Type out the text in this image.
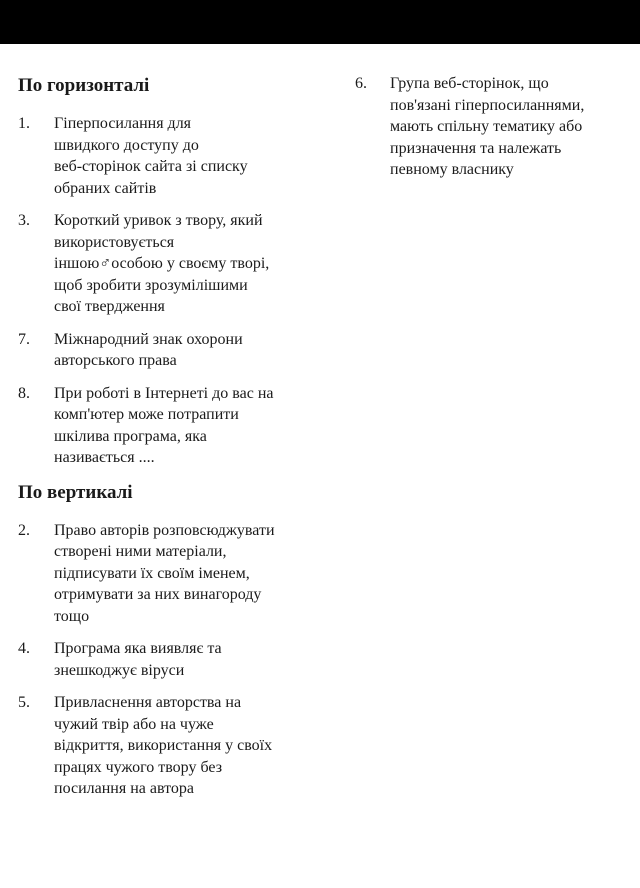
По горизонталі
1.	Гіперпосилання для
швидкого доступу до
веб-сторінок сайта зі списку
обраних сайтів
3.	Короткий уривок з твору, який
використовується
іншою♂особою у своєму творі,
щоб зробити зрозумілішими
свої твердження
7.	Міжнародний знак охорони
авторського права
8.	При роботі в Інтернеті до вас на
комп'ютер може потрапити
шкілива програма, яка
називається ....
По вертикалі
2.	Право авторів розповсюджувати
створені ними матеріали,
підписувати їх своїм іменем,
отримувати за них винагороду
тощо
4.	Програма яка виявляє та
знешкоджує віруси
5.	Привласнення авторства на
чужий твір або на чуже
відкриття, використання у своїх
працях чужого твору без
посилання на автора
6.	Група веб-сторінок, що
пов'язані гіперпосиланнями,
мають спільну тематику або
призначення та належать
певному власнику
